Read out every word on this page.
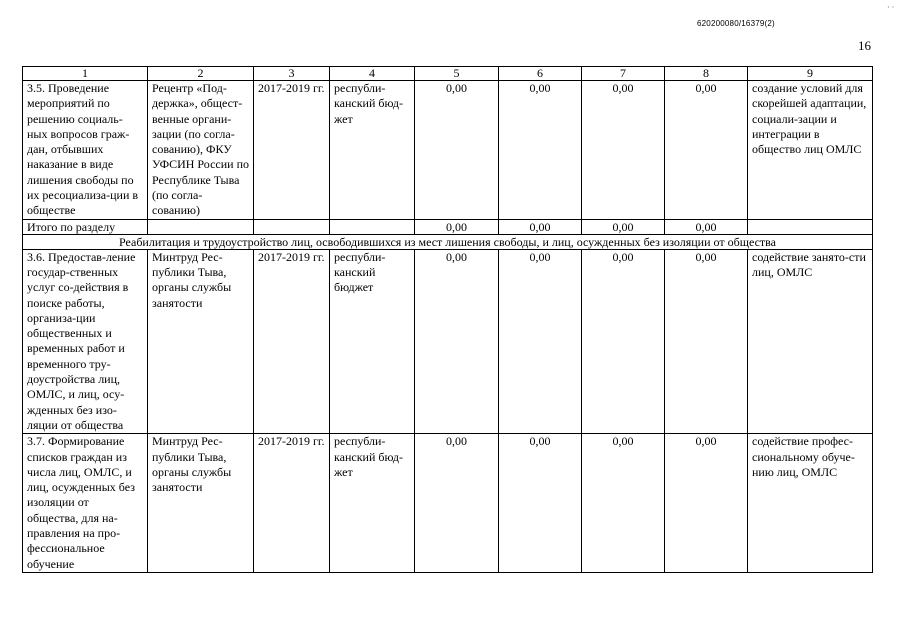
620200080/16379(2)
· ·
16
1	2	3	4	5	6	7	8	9
3.5. Проведение мероприятий по решению социаль-ных вопросов граж-дан, отбывших наказание в виде лишения свободы по их ресоциализа-ции в обществе	Рецентр «Под-держка», общест-венные органи-зации (по согла-сованию), ФКУ УФСИН России по Республике Тыва (по согла-сованию)	2017-2019 гг.	республи-канский бюд-жет	0,00	0,00	0,00	0,00	создание условий для скорейшей адаптации, социали-зации и интеграции в общество лиц ОМЛС
Итого по разделу				0,00	0,00	0,00	0,00	
Реабилитация и трудоустройство лиц, освободившихся из мест лишения свободы, и лиц, осужденных без изоляции от общества								
3.6. Предостав-ление государ-ственных услуг со-действия в поиске работы, организа-ции общественных и временных работ и временного тру-доустройства лиц, ОМЛС, и лиц, осу-жденных без изо-ляции от общества	Минтруд Рес-публики Тыва, органы службы занятости	2017-2019 гг.	республи-канский бюджет	0,00	0,00	0,00	0,00	содействие занято-сти лиц, ОМЛС
3.7. Формирование списков граждан из числа лиц, ОМЛС, и лиц, осужденных без изоляции от общества, для на-правления на про-фессиональное обучение	Минтруд Рес-публики Тыва, органы службы занятости	2017-2019 гг.	республи-канский бюд-жет	0,00	0,00	0,00	0,00	содействие профес-сиональному обуче-нию лиц, ОМЛС
